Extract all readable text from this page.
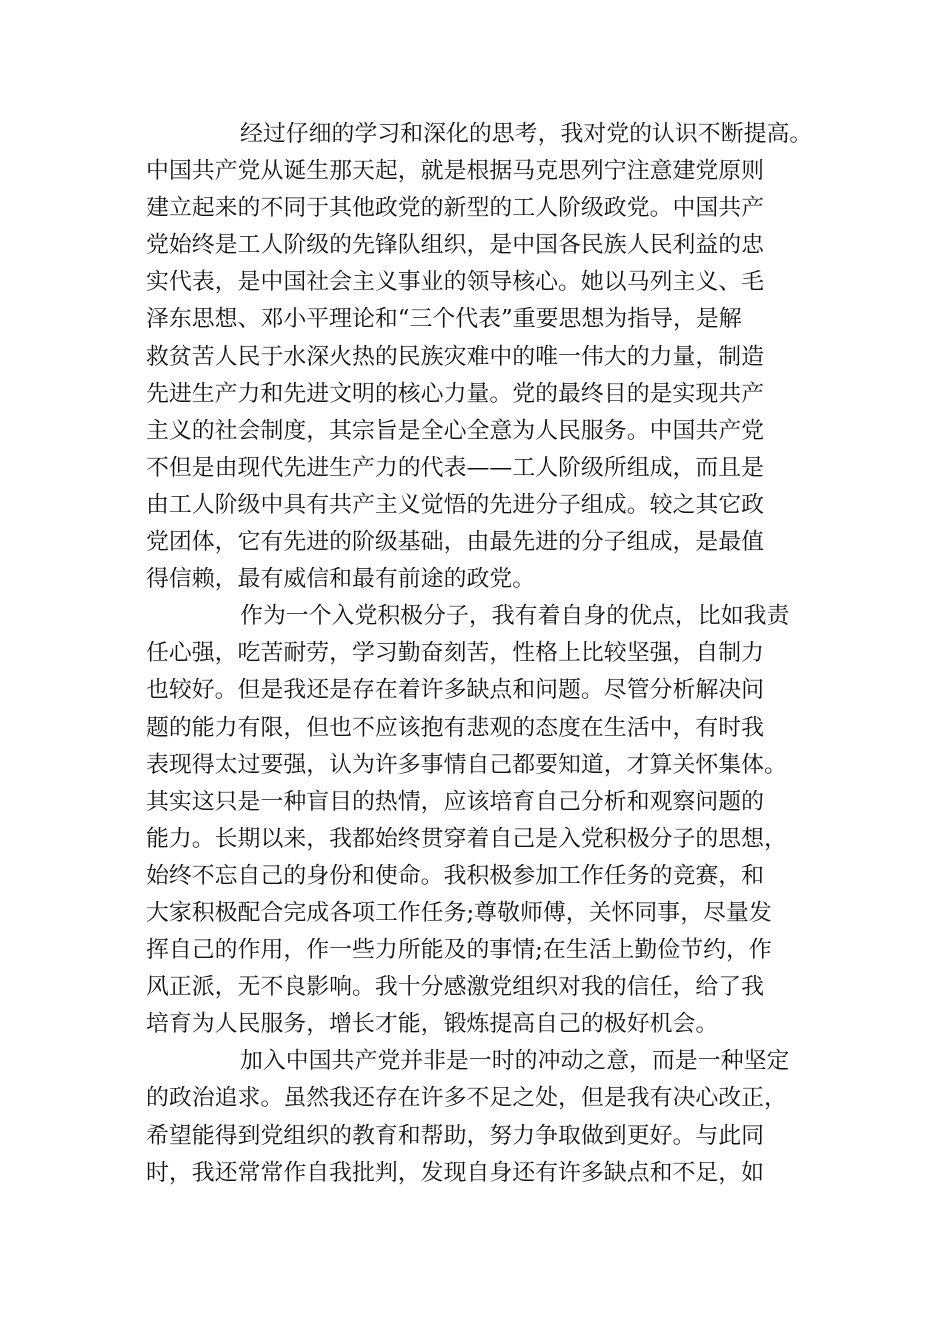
经过仔细的学习和深化的思考，我对党的认识不断提高。
中国共产党从诞生那天起，就是根据马克思列宁注意建党原则
建立起来的不同于其他政党的新型的工人阶级政党。中国共产
党始终是工人阶级的先锋队组织，是中国各民族人民利益的忠
实代表，是中国社会主义事业的领导核心。她以马列主义、毛
泽东思想、邓小平理论和“三个代表”重要思想为指导，是解
救贫苦人民于水深火热的民族灾难中的唯一伟大的力量，制造
先进生产力和先进文明的核心力量。党的最终目的是实现共产
主义的社会制度，其宗旨是全心全意为人民服务。中国共产党
不但是由现代先进生产力的代表——工人阶级所组成，而且是
由工人阶级中具有共产主义觉悟的先进分子组成。较之其它政
党团体，它有先进的阶级基础，由最先进的分子组成，是最值
得信赖，最有威信和最有前途的政党。
作为一个入党积极分子，我有着自身的优点，比如我责
任心强，吃苦耐劳，学习勤奋刻苦，性格上比较坚强，自制力
也较好。但是我还是存在着许多缺点和问题。尽管分析解决问
题的能力有限，但也不应该抱有悲观的态度在生活中，有时我
表现得太过要强，认为许多事情自己都要知道，才算关怀集体。
其实这只是一种盲目的热情，应该培育自己分析和观察问题的
能力。长期以来，我都始终贯穿着自己是入党积极分子的思想，
始终不忘自己的身份和使命。我积极参加工作任务的竞赛，和
大家积极配合完成各项工作任务;尊敬师傅，关怀同事，尽量发
挥自己的作用，作一些力所能及的事情;在生活上勤俭节约，作
风正派，无不良影响。我十分感激党组织对我的信任，给了我
培育为人民服务，增长才能，锻炼提高自己的极好机会。
加入中国共产党并非是一时的冲动之意，而是一种坚定
的政治追求。虽然我还存在许多不足之处，但是我有决心改正，
希望能得到党组织的教育和帮助，努力争取做到更好。与此同
时，我还常常作自我批判，发现自身还有许多缺点和不足，如
